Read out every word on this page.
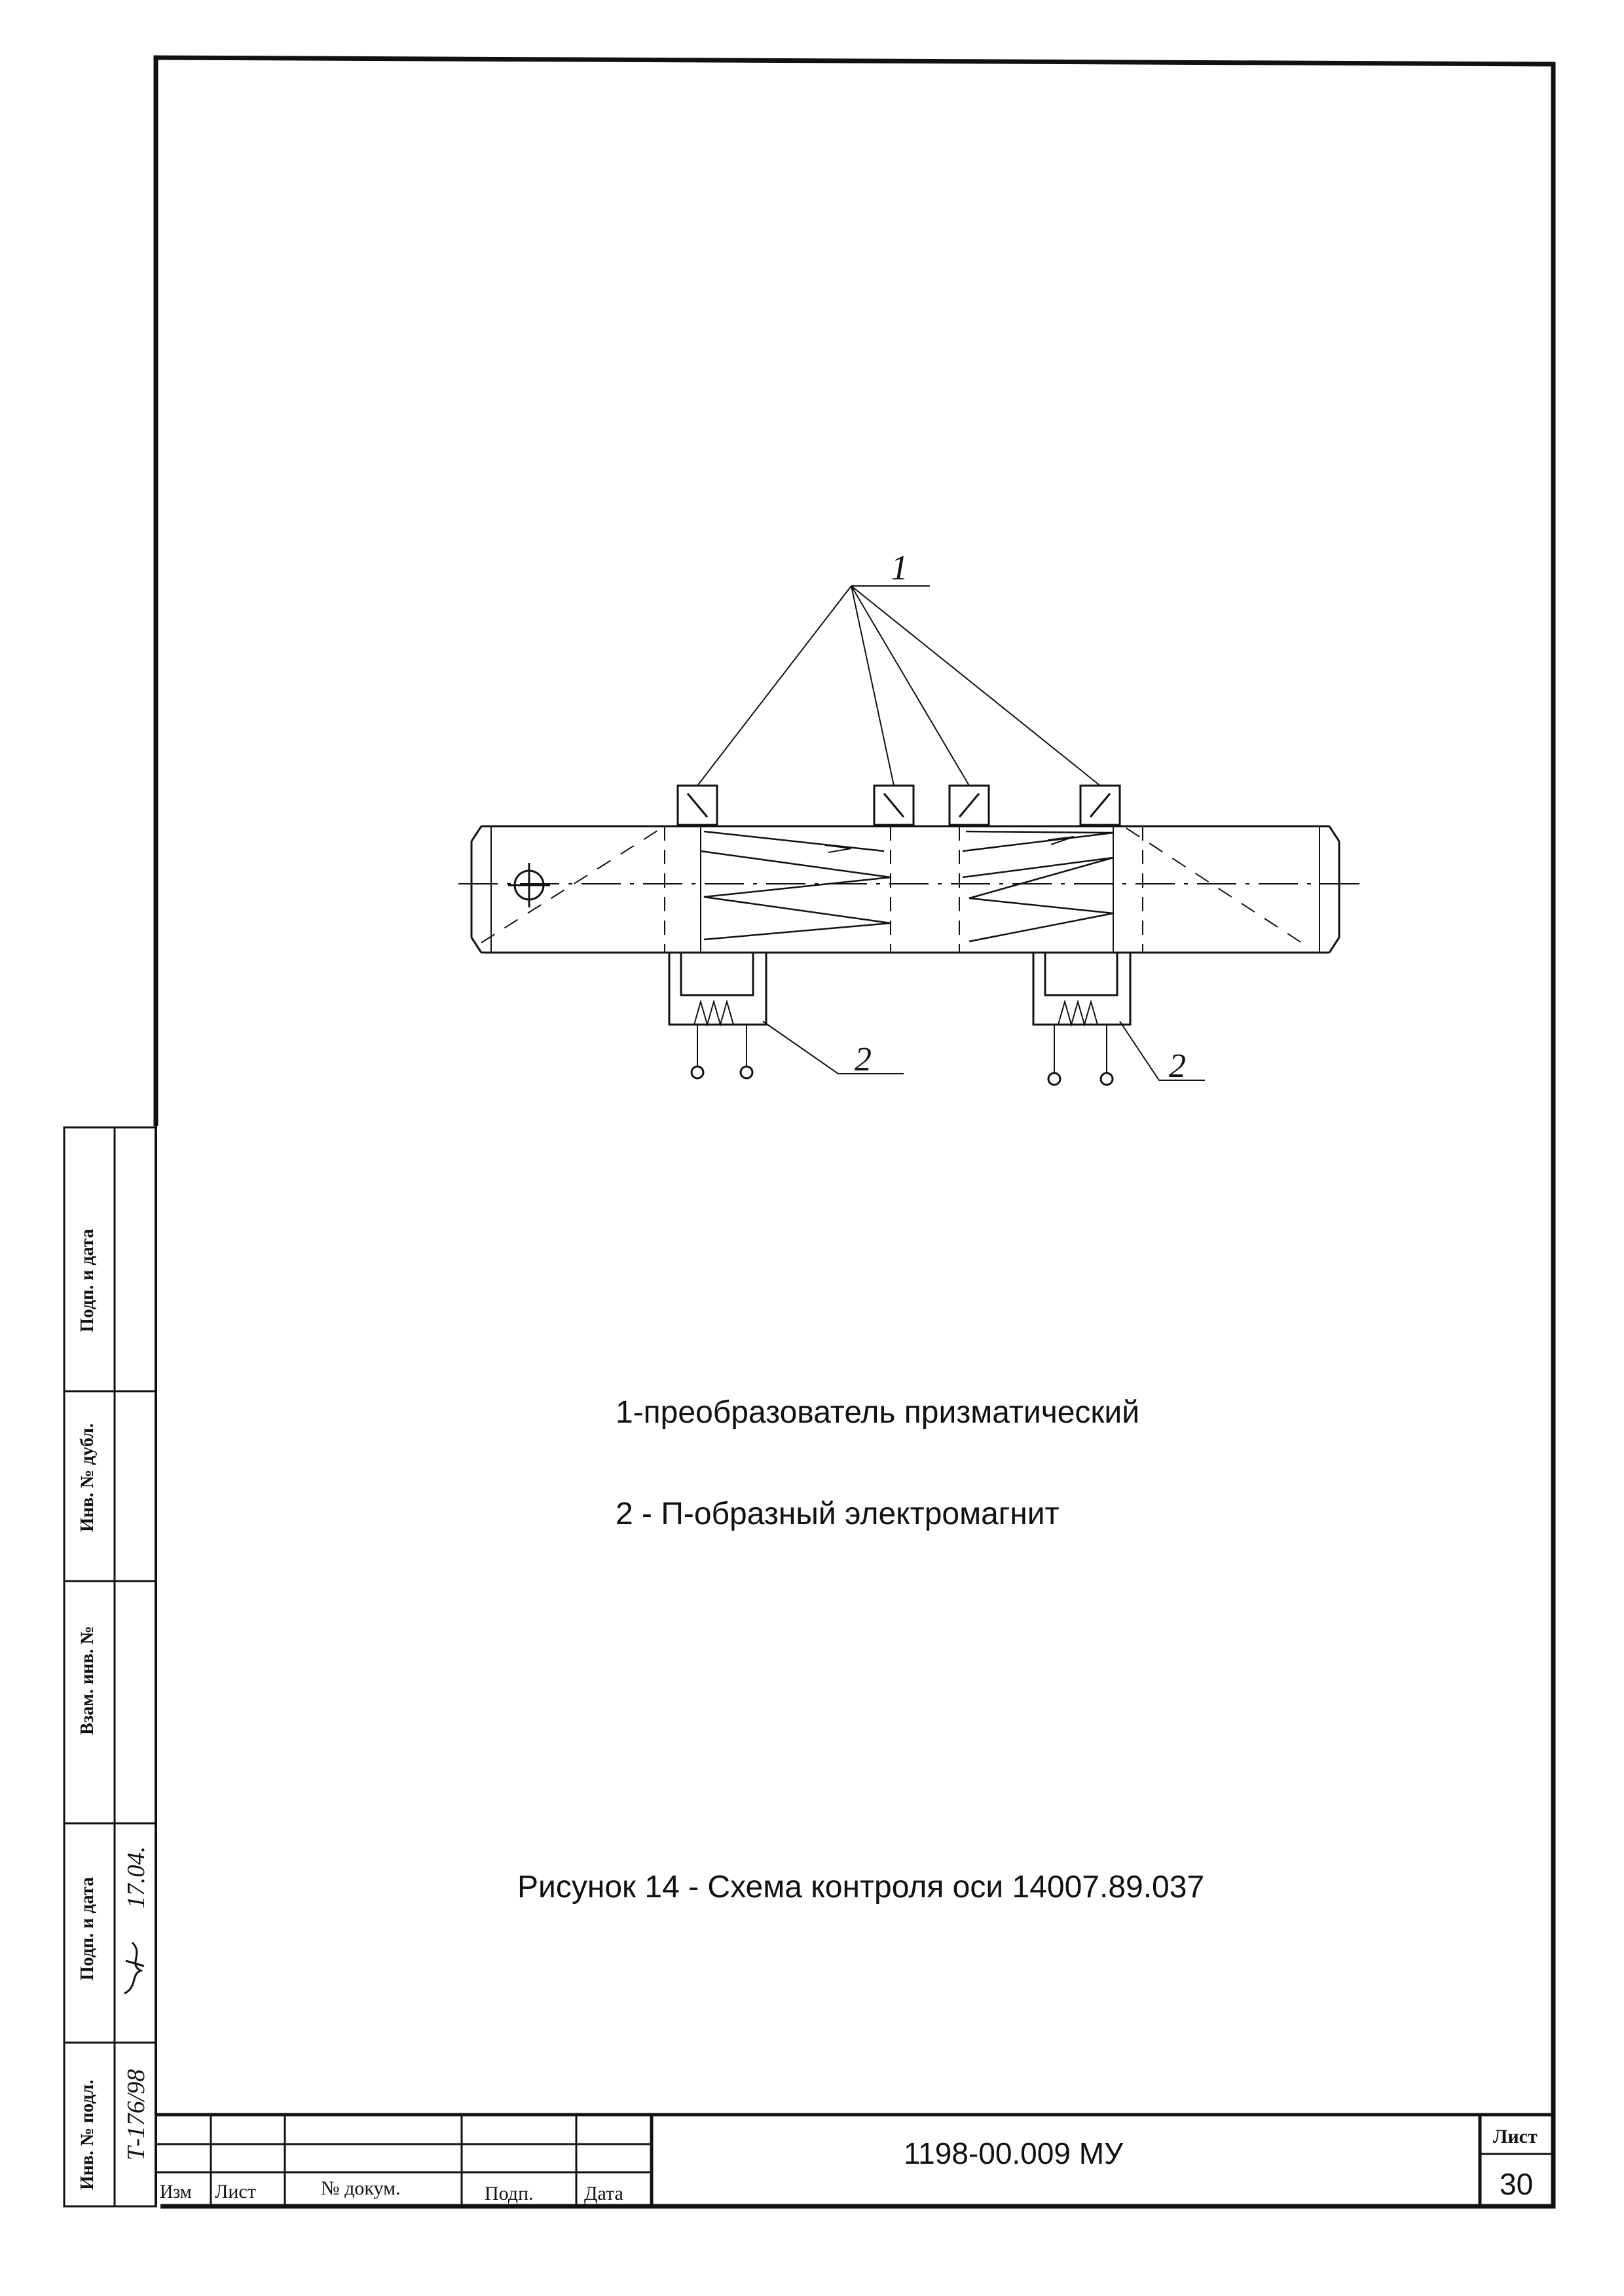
1
2	2
Изм Лист	№ докум.	Подп.	Дата
1198-00.009 МУ	Лист
30
1-преобразователь призматический
2 - П-образный электромагнит
Рисунок 14 - Схема контроля оси 14007.89.037
Подп. и дата
Инв. № дубл.
Взам. инв. №
Подп. и дата
Инв. № подл. Т-176/98
17.04.
